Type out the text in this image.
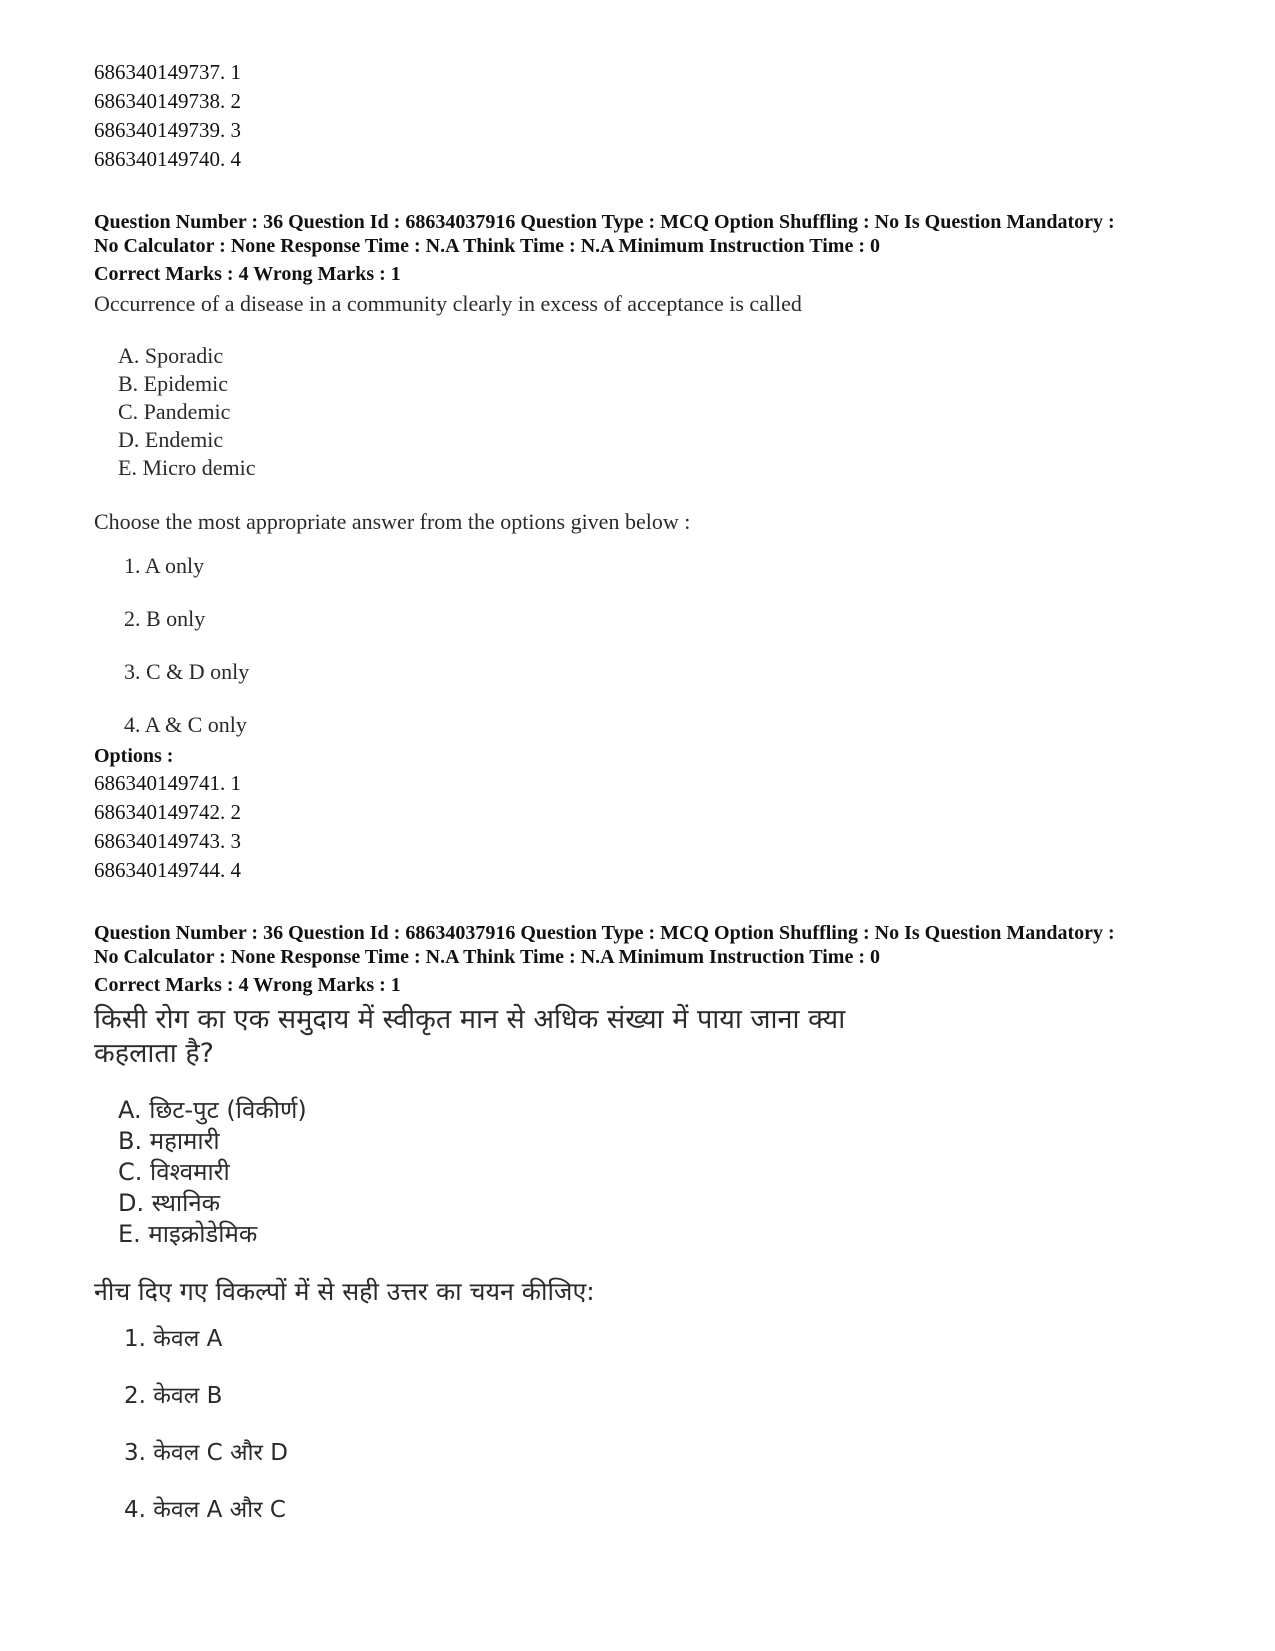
686340149737. 1

686340149738. 2

686340149739. 3

686340149740. 4

Question Number : 36 Question Id : 68634037916 Question Type : MCQ Option Shuffling : No Is Question Mandatory :

No Calculator : None Response Time : N.A Think Time : N.A Minimum Instruction Time : 0

Correct Marks : 4 Wrong Marks : 1

Occurrence of a disease in a community clearly in excess of acceptance is called

A. Sporadic
B. Epidemic
C. Pandemic
D. Endemic
E. Micro demic

Choose the most appropriate answer from the options given below :

1. A only
2. B only
3. C & D only
4. A & C only

Options :

686340149741. 1

686340149742. 2

686340149743. 3

686340149744. 4

Question Number : 36 Question Id : 68634037916 Question Type : MCQ Option Shuffling : No Is Question Mandatory :

No Calculator : None Response Time : N.A Think Time : N.A Minimum Instruction Time : 0

Correct Marks : 4 Wrong Marks : 1

किसी रोग का एक समुदाय में स्वीकृत मान से अधिक संख्या में पाया जाना क्या कहलाता है?

A. छिट-पुट (विकीर्ण)
B. महामारी
C. विश्वमारी
D. स्थानिक
E. माइक्रोडेमिक

नीच दिए गए विकल्पों में से सही उत्तर का चयन कीजिए:

1. केवल A
2. केवल B
3. केवल C और D
4. केवल A और C
